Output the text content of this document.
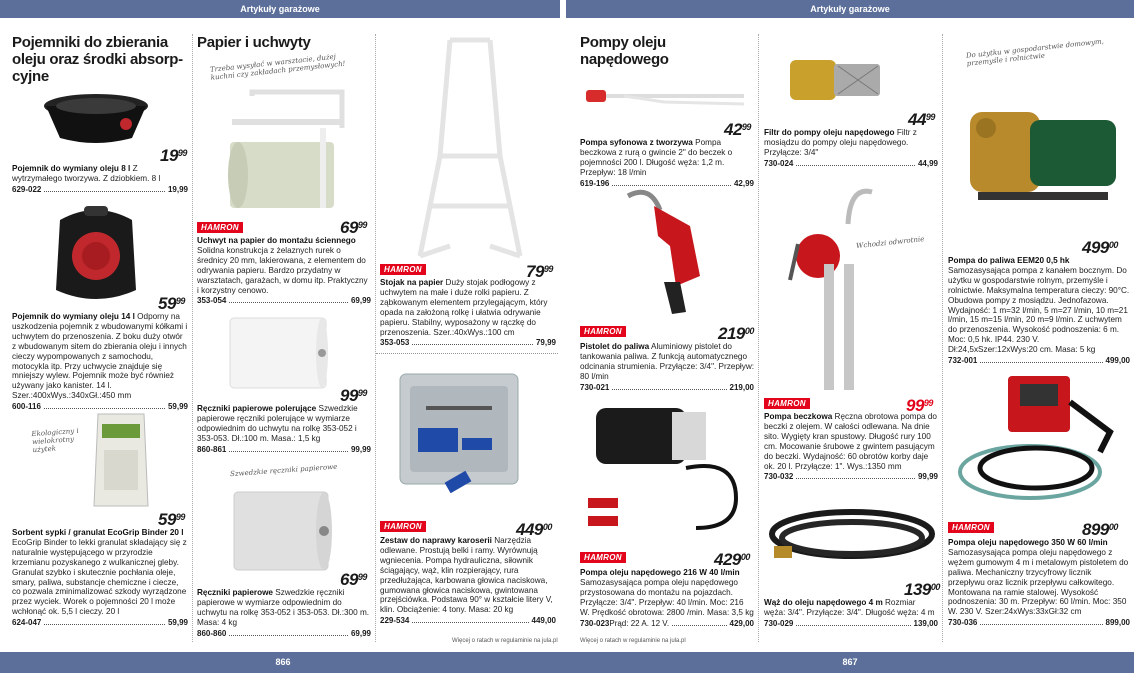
Artykuły garażowe	Artykuły garażowe
866	867
Więcej o ratach w regulaminie na jula.pl	Więcej o ratach w regulaminie na jula.pl
Pojemniki do zbierania oleju oraz środki absorp-cyjne
$19^{99}$
Pojemnik do wymiany oleju 8 l Z wytrzymałego tworzywa. Z dziobkiem. 8 l
629-022	19,99
$59^{99}$
Pojemnik do wymiany oleju 14 l Odporny na uszkodzenia pojemnik z wbudowanymi kółkami i uchwytem do przenoszenia. Z boku duży otwór z wbudowanym sitem do zbierania oleju i innych cieczy wypompowanych z samochodu, motocykla itp. Przy uchwycie znajduje się mniejszy wylew. Pojemnik może być również używany jako kanister. 14 l. Szer.:400xWys.:340xGł.:450 mm
600-116	59,99
Ekologiczny i wielokrotny użytek
$59^{99}$
Sorbent sypki / granulat EcoGrip Binder 20 l EcoGrip Binder to lekki granulat składający się z naturalnie występującego w przyrodzie krzemianu pozyskanego z wulkanicznej gleby. Granulat szybko i skutecznie pochłania oleje, smary, paliwa, substancje chemiczne i ciecze, co pozwala zminimalizować szkody wyrządzone przez wyciek. Worek o pojemności 20 l może wchłonąć ok. 5,5 l cieczy. 20 l
624-047	59,99
Papier i uchwyty
Trzeba wysyłać w warsztacie, dużej kuchni czy zakładach przemysłowych!
HAMRON	$69^{99}$
Uchwyt na papier do montażu ściennego Solidna konstrukcja z żelaznych rurek o średnicy 20 mm, lakierowana, z elementem do odrywania papieru. Bardzo przydatny w warsztatach, garażach, w domu itp. Praktyczny i korzystny cenowo.
353-054	69,99
$99^{99}$
Ręczniki papierowe polerujące Szwedzkie papierowe ręczniki polerujące w wymiarze odpowiednim do uchwytu na rolkę 353-052 i 353-053. Dł.:100 m. Masa.: 1,5 kg
860-861	99,99
Szwedzkie ręczniki papierowe
$69^{99}$
Ręczniki papierowe Szwedzkie ręczniki papierowe w wymiarze odpowiednim do uchwytu na rolkę 353-052 i 353-053. Dł.:300 m. Masa: 4 kg
860-860	69,99
HAMRON	$79^{99}$
Stojak na papier Duży stojak podłogowy z uchwytem na małe i duże rolki papieru. Z ząbkowanym elementem przylegającym, który opada na założoną rolkę i ułatwia odrywanie papieru. Stabilny, wyposażony w rączkę do przenoszenia. Szer.:40xWys.:100 cm
353-053	79,99
HAMRON	$449^{00}$
Zestaw do naprawy karoserii Narzędzia odlewane. Prostują belki i ramy. Wyrównują wgniecenia. Pompa hydrauliczna, siłownik ściągający, wąż, klin rozpierający, rura przedłużająca, karbowana głowica naciskowa, gumowana głowica naciskowa, gwintowana przejściówka. Podstawa 90° w kształcie litery V, klin. Obciążenie: 4 tony. Masa: 20 kg
229-534	449,00
Pompy oleju napędowego
$42^{99}$
Pompa syfonowa z tworzywa Pompa beczkowa z rurą o gwincie 2" do beczek o pojemności 200 l. Długość węża: 1,2 m. Przepływ: 18 l/min
619-196	42,99
HAMRON	$219^{00}$
Pistolet do paliwa Aluminiowy pistolet do tankowania paliwa. Z funkcją automatycznego odcinania strumienia. Przyłącze: 3/4". Przepływ: 80 l/min
730-021	219,00
HAMRON	$429^{00}$
Pompa oleju napędowego 216 W 40 l/min Samozasysająca pompa oleju napędowego przystosowana do montażu na pojazdach. Przyłącze: 3/4". Przepływ: 40 l/min. Moc: 216 W. Prędkość obrotowa: 2800 /min. Masa: 3,5 kg
730-023 Prąd: 22 A. 12 V.	429,00
$44^{99}$
Filtr do pompy oleju napędowego Filtr z mosiądzu do pompy oleju napędowego. Przyłącze: 3/4"
730-024	44,99
Wchodzi odwrotnie
HAMRON	$99^{99}$
Pompa beczkowa Ręczna obrotowa pompa do beczki z olejem. W całości odlewana. Na dnie sito. Wygięty kran spustowy. Długość rury 100 cm. Mocowanie śrubowe z gwintem pasującym do beczki. Wydajność: 60 obrotów korby daje ok. 20 l. Przyłącze: 1". Wys.:1350 mm
730-032	99,99
$139^{00}$
Wąż do oleju napędowego 4 m Rozmiar węża: 3/4". Przyłącze: 3/4". Długość węża: 4 m
730-029	139,00
Do użytku w gospodarstwie domowym, przemyśle i rolnictwie
$499^{00}$
Pompa do paliwa EEM20 0,5 hk Samozasysająca pompa z kanałem bocznym. Do użytku w gospodarstwie rolnym, przemyśle i rolnictwie. Maksymalna temperatura cieczy: 90°C. Obudowa pompy z mosiądzu. Jednofazowa. Wydajność: 1 m=32 l/min, 5 m=27 l/min, 10 m=21 l/min, 15 m=15 l/min, 20 m=9 l/min. Z uchwytem do przenoszenia. Wysokość podnoszenia: 6 m. Moc: 0,5 hk. IP44. 230 V. Dł:24,5xSzer:12xWys:20 cm. Masa: 5 kg
732-001	499,00
HAMRON	$899^{00}$
Pompa oleju napędowego 350 W 60 l/min Samozasysająca pompa oleju napędowego z wężem gumowym 4 m i metalowym pistoletem do paliwa. Mechaniczny trzycyfrowy licznik przepływu oraz licznik przepływu całkowitego. Montowana na ramie stalowej. Wysokość podnoszenia: 30 m. Przepływ: 60 l/min. Moc: 350 W. 230 V. Szer:24xWys:33xGł:32 cm
730-036	899,00
